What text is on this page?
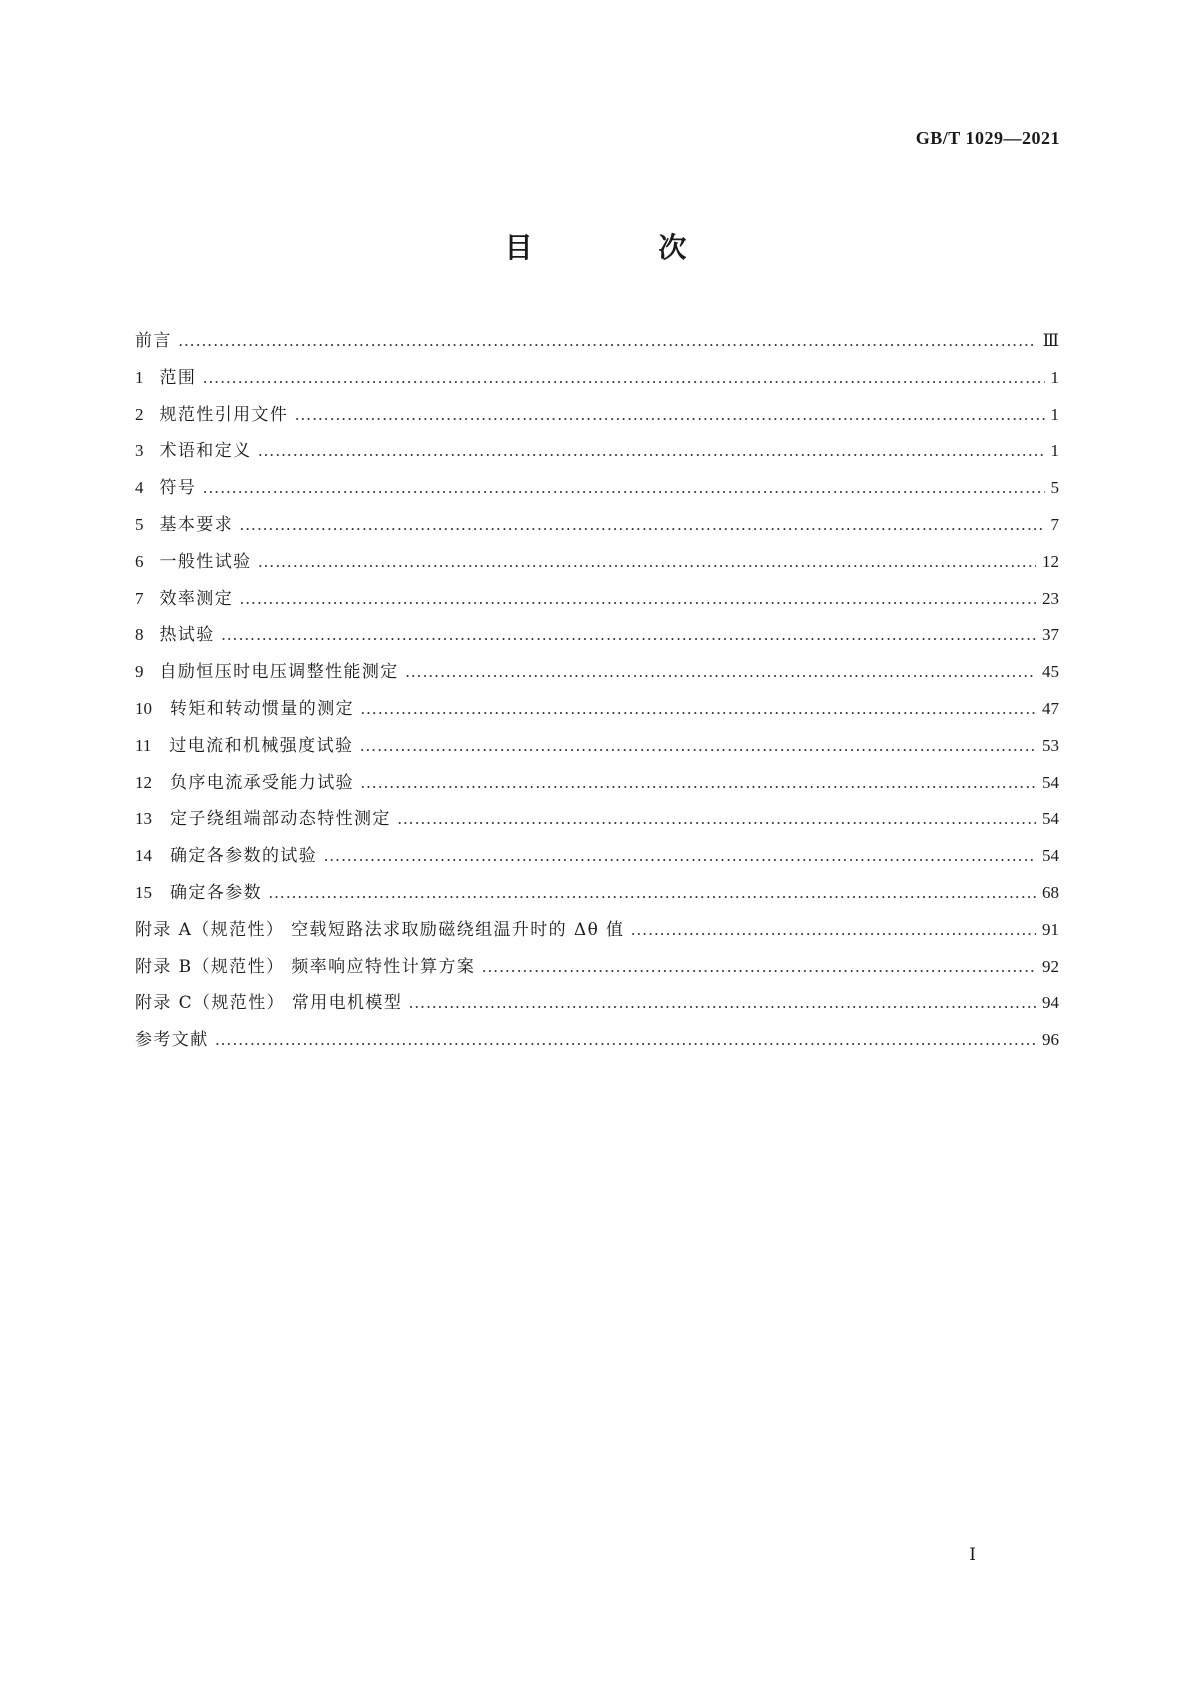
GB/T 1029—2021
目 次
前言 ………………………………………………………………………………………………………………………………………………………………	Ⅲ
1 范围 ………………………………………………………………………………………………………………………………………………………………	1
2 规范性引用文件 ………………………………………………………………………………………………………………………………………………………………	1
3 术语和定义 ………………………………………………………………………………………………………………………………………………………………	1
4 符号 ………………………………………………………………………………………………………………………………………………………………	5
5 基本要求 ………………………………………………………………………………………………………………………………………………………………	7
6 一般性试验 ………………………………………………………………………………………………………………………………………………………………	12
7 效率测定 ………………………………………………………………………………………………………………………………………………………………	23
8 热试验 ………………………………………………………………………………………………………………………………………………………………	37
9 自励恒压时电压调整性能测定 ………………………………………………………………………………………………………………………………………………………………	45
10 转矩和转动惯量的测定 ………………………………………………………………………………………………………………………………………………………………	47
11 过电流和机械强度试验 ………………………………………………………………………………………………………………………………………………………………	53
12 负序电流承受能力试验 ………………………………………………………………………………………………………………………………………………………………	54
13 定子绕组端部动态特性测定 ………………………………………………………………………………………………………………………………………………………………	54
14 确定各参数的试验 ………………………………………………………………………………………………………………………………………………………………	54
15 确定各参数 ………………………………………………………………………………………………………………………………………………………………	68
附录 A（规范性） 空载短路法求取励磁绕组温升时的 Δθ 值 ………………………………………………………………………………………………………………………………………………………………	91
附录 B（规范性） 频率响应特性计算方案 ………………………………………………………………………………………………………………………………………………………………	92
附录 C（规范性） 常用电机模型 ………………………………………………………………………………………………………………………………………………………………	94
参考文献 ………………………………………………………………………………………………………………………………………………………………	96
Ⅰ
